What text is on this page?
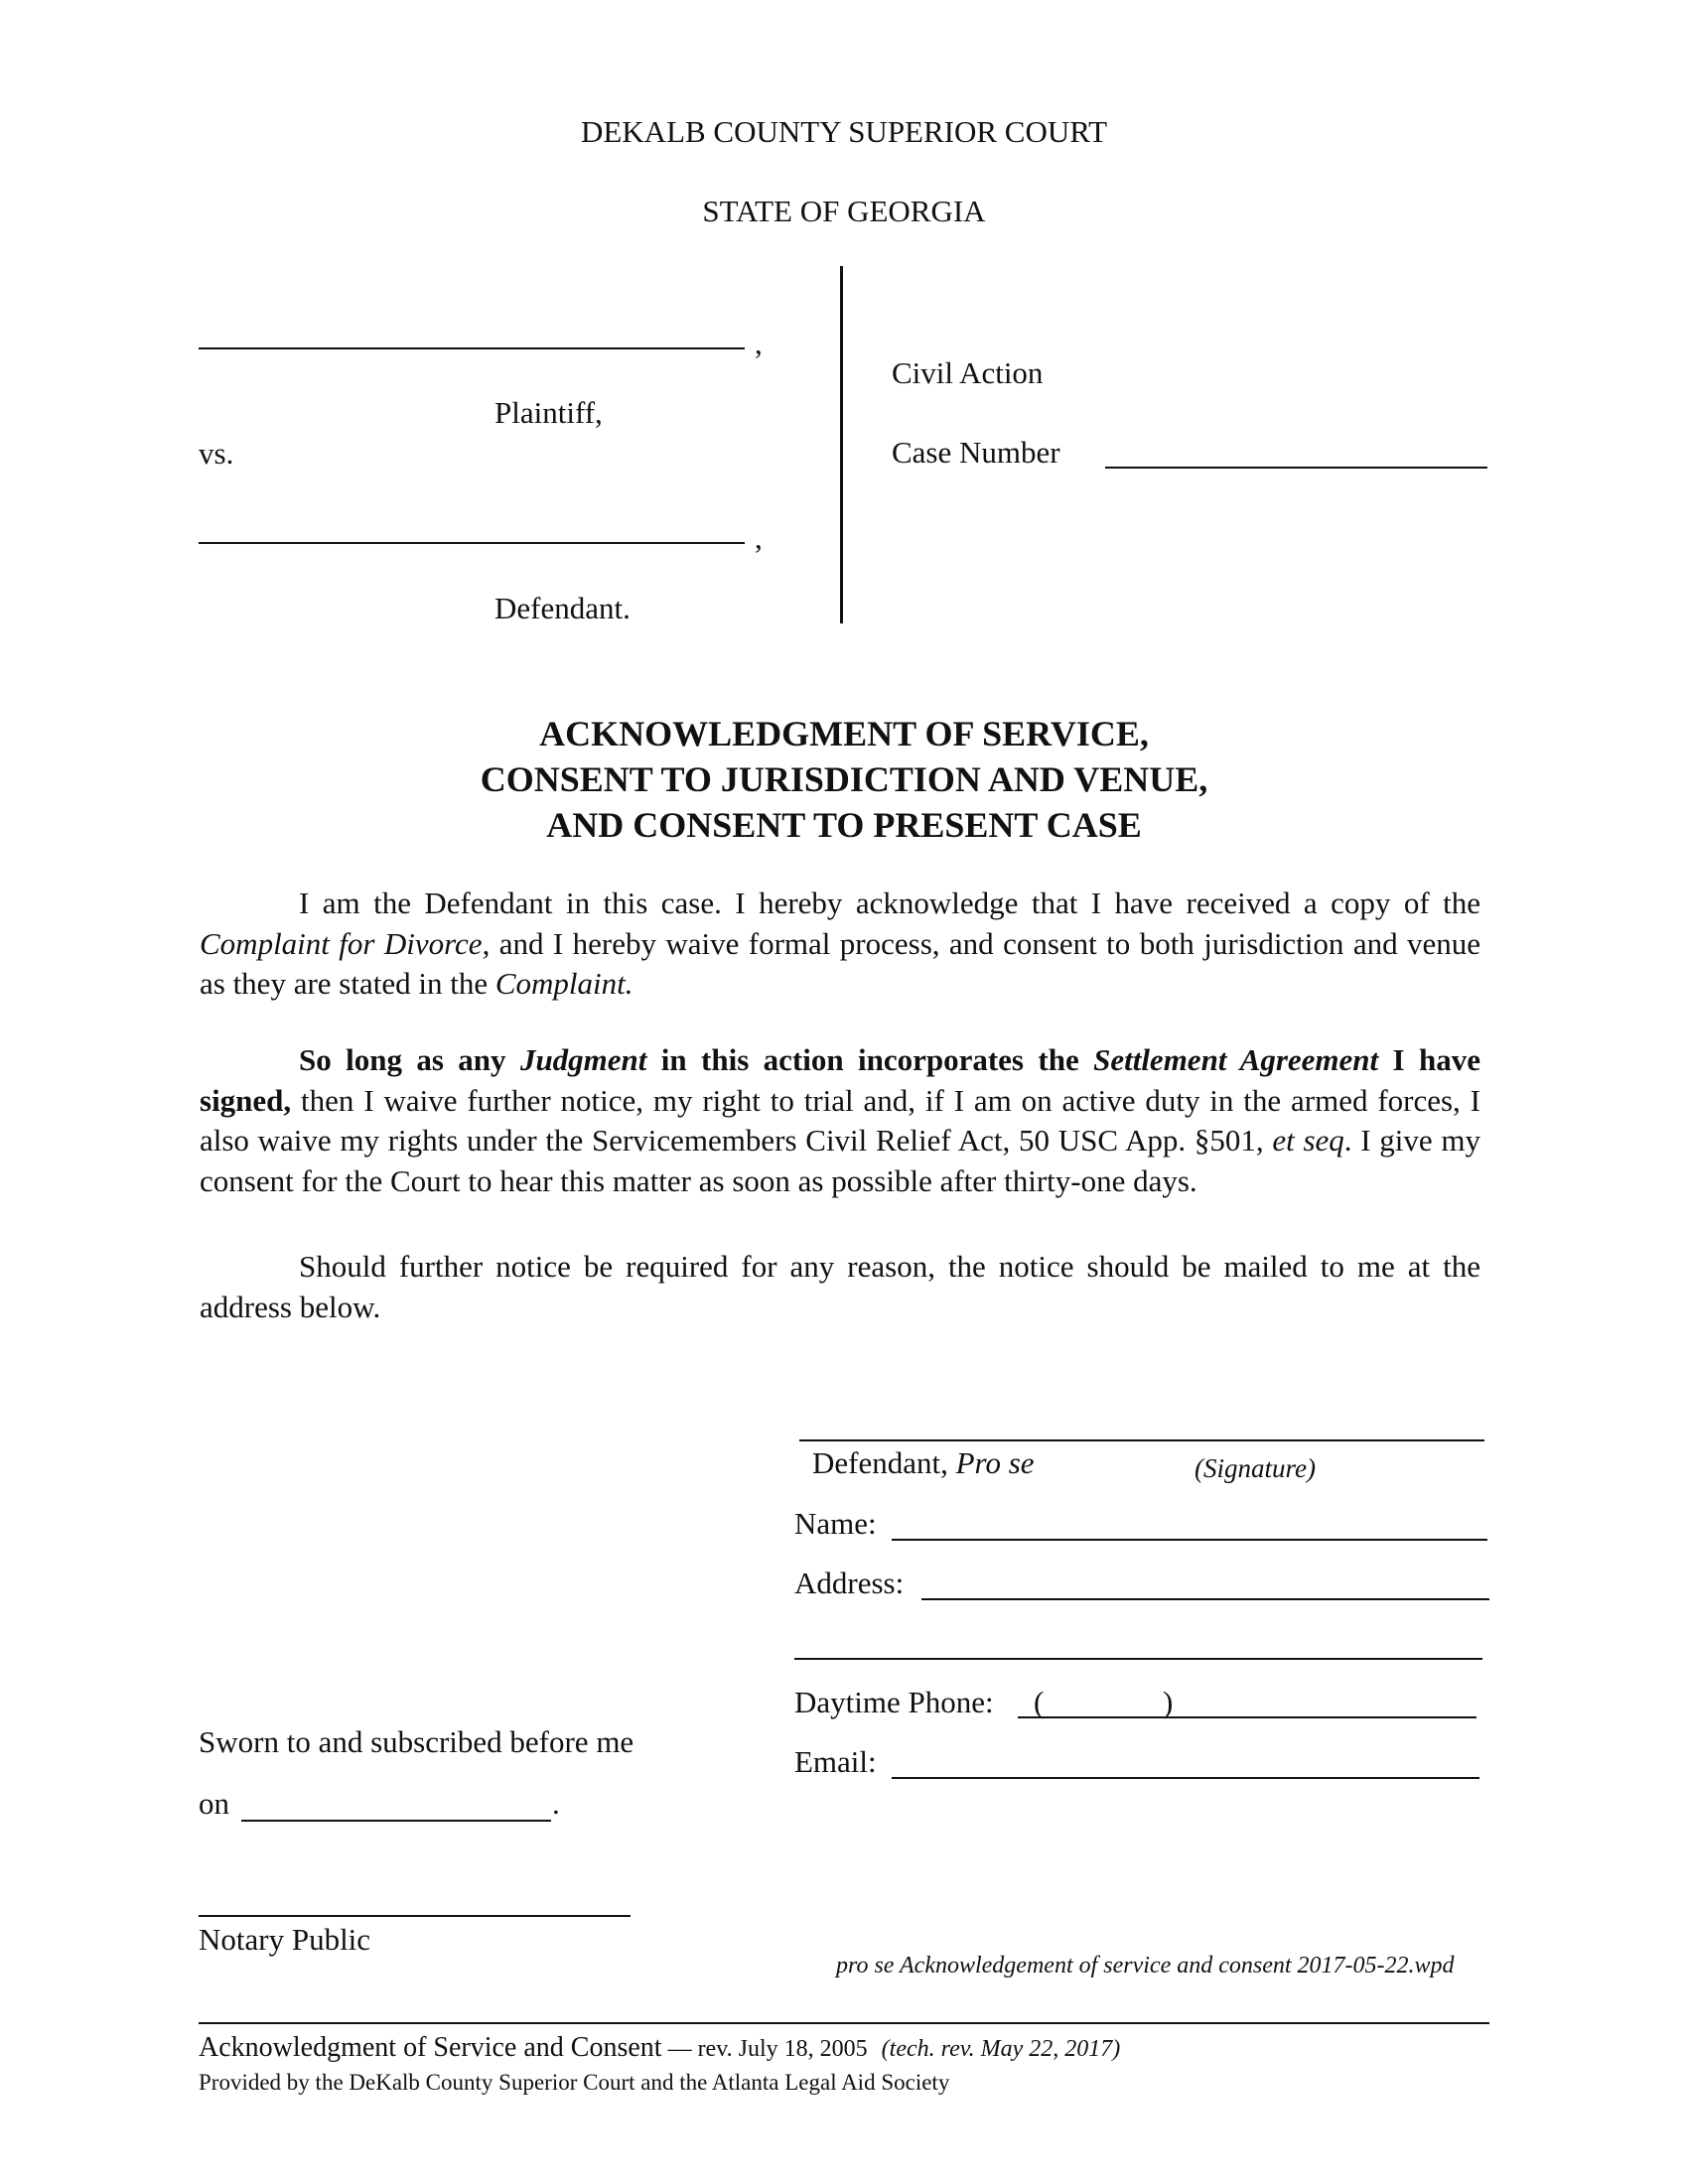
DEKALB COUNTY SUPERIOR COURT
STATE OF GEORGIA
,
Plaintiff,
vs.
,
Defendant.
Civil Action
Case Number
ACKNOWLEDGMENT OF SERVICE,
CONSENT TO JURISDICTION AND VENUE,
AND CONSENT TO PRESENT CASE
I am the Defendant in this case. I hereby acknowledge that I have received a copy of the Complaint for Divorce, and I hereby waive formal process, and consent to both jurisdiction and venue as they are stated in the Complaint.
So long as any Judgment in this action incorporates the Settlement Agreement I have signed, then I waive further notice, my right to trial and, if I am on active duty in the armed forces, I also waive my rights under the Servicemembers Civil Relief Act, 50 USC App. §501, et seq. I give my consent for the Court to hear this matter as soon as possible after thirty-one days.
Should further notice be required for any reason, the notice should be mailed to me at the address below.
Defendant, Pro se	(Signature)
Name:
Address:
Daytime Phone: (	)
Email:
Sworn to and subscribed before me
on	.
Notary Public
pro se Acknowledgement of service and consent 2017-05-22.wpd
Acknowledgment of Service and Consent — rev. July 18, 2005 (tech. rev. May 22, 2017)
Provided by the DeKalb County Superior Court and the Atlanta Legal Aid Society
